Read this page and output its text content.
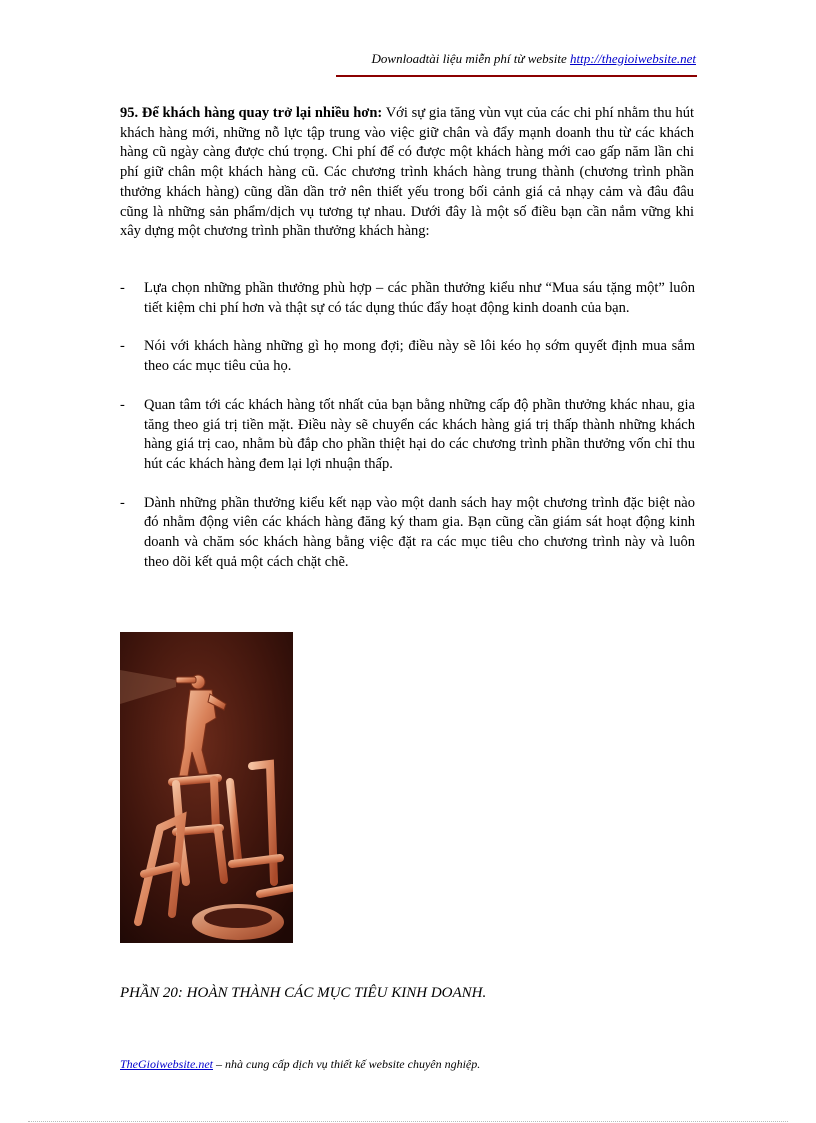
Downloadtài liệu miễn phí từ website http://thegioiwebsite.net
95. Để khách hàng quay trở lại nhiều hơn: Với sự gia tăng vùn vụt của các chi phí nhằm thu hút khách hàng mới, những nỗ lực tập trung vào việc giữ chân và đẩy mạnh doanh thu từ các khách hàng cũ ngày càng được chú trọng. Chi phí để có được một khách hàng mới cao gấp năm lần chi phí giữ chân một khách hàng cũ. Các chương trình khách hàng trung thành (chương trình phần thưởng khách hàng) cũng dần dần trở nên thiết yếu trong bối cảnh giá cả nhạy cảm và đâu đâu cũng là những sản phẩm/dịch vụ tương tự nhau. Dưới đây là một số điều bạn cần nắm vững khi xây dựng một chương trình phần thưởng khách hàng:
-	Lựa chọn những phần thưởng phù hợp – các phần thưởng kiểu như “Mua sáu tặng một” luôn tiết kiệm chi phí hơn và thật sự có tác dụng thúc đẩy hoạt động kinh doanh của bạn.
-	Nói với khách hàng những gì họ mong đợi; điều này sẽ lôi kéo họ sớm quyết định mua sắm theo các mục tiêu của họ.
-	Quan tâm tới các khách hàng tốt nhất của bạn bằng những cấp độ phần thưởng khác nhau, gia tăng theo giá trị tiền mặt. Điều này sẽ chuyển các khách hàng giá trị thấp thành những khách hàng giá trị cao, nhằm bù đắp cho phần thiệt hại do các chương trình phần thưởng vốn chỉ thu hút các khách hàng đem lại lợi nhuận thấp.
-	Dành những phần thưởng kiểu kết nạp vào một danh sách hay một chương trình đặc biệt nào đó nhằm động viên các khách hàng đăng ký tham gia. Bạn cũng cần giám sát hoạt động kinh doanh và chăm sóc khách hàng bằng việc đặt ra các mục tiêu cho chương trình này và luôn theo dõi kết quả một cách chặt chẽ.
PHẦN 20: HOÀN THÀNH CÁC MỤC TIÊU KINH DOANH.
TheGioiwebsite.net – nhà cung cấp dịch vụ thiết kế website chuyên nghiệp.
